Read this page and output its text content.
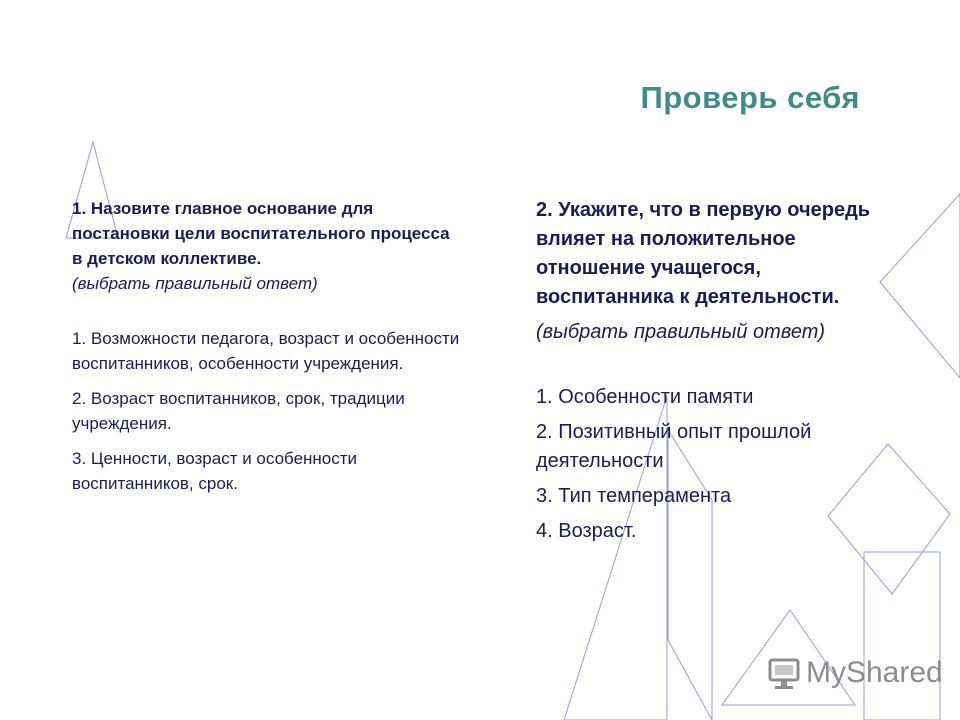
Проверь себя

1. Назовите главное основание для постановки цели воспитательного процесса в детском коллективе.

(выбрать правильный ответ)

1. Возможности педагога, возраст и особенности воспитанников, особенности учреждения.

2. Возраст воспитанников, срок, традиции учреждения.

3. Ценности, возраст и особенности воспитанников, срок.

2. Укажите, что в первую очередь влияет на положительное отношение учащегося, воспитанника к деятельности.

(выбрать правильный ответ)

1. Особенности памяти

2. Позитивный опыт прошлой деятельности

3. Тип темперамента

4. Возраст.

MyShared
